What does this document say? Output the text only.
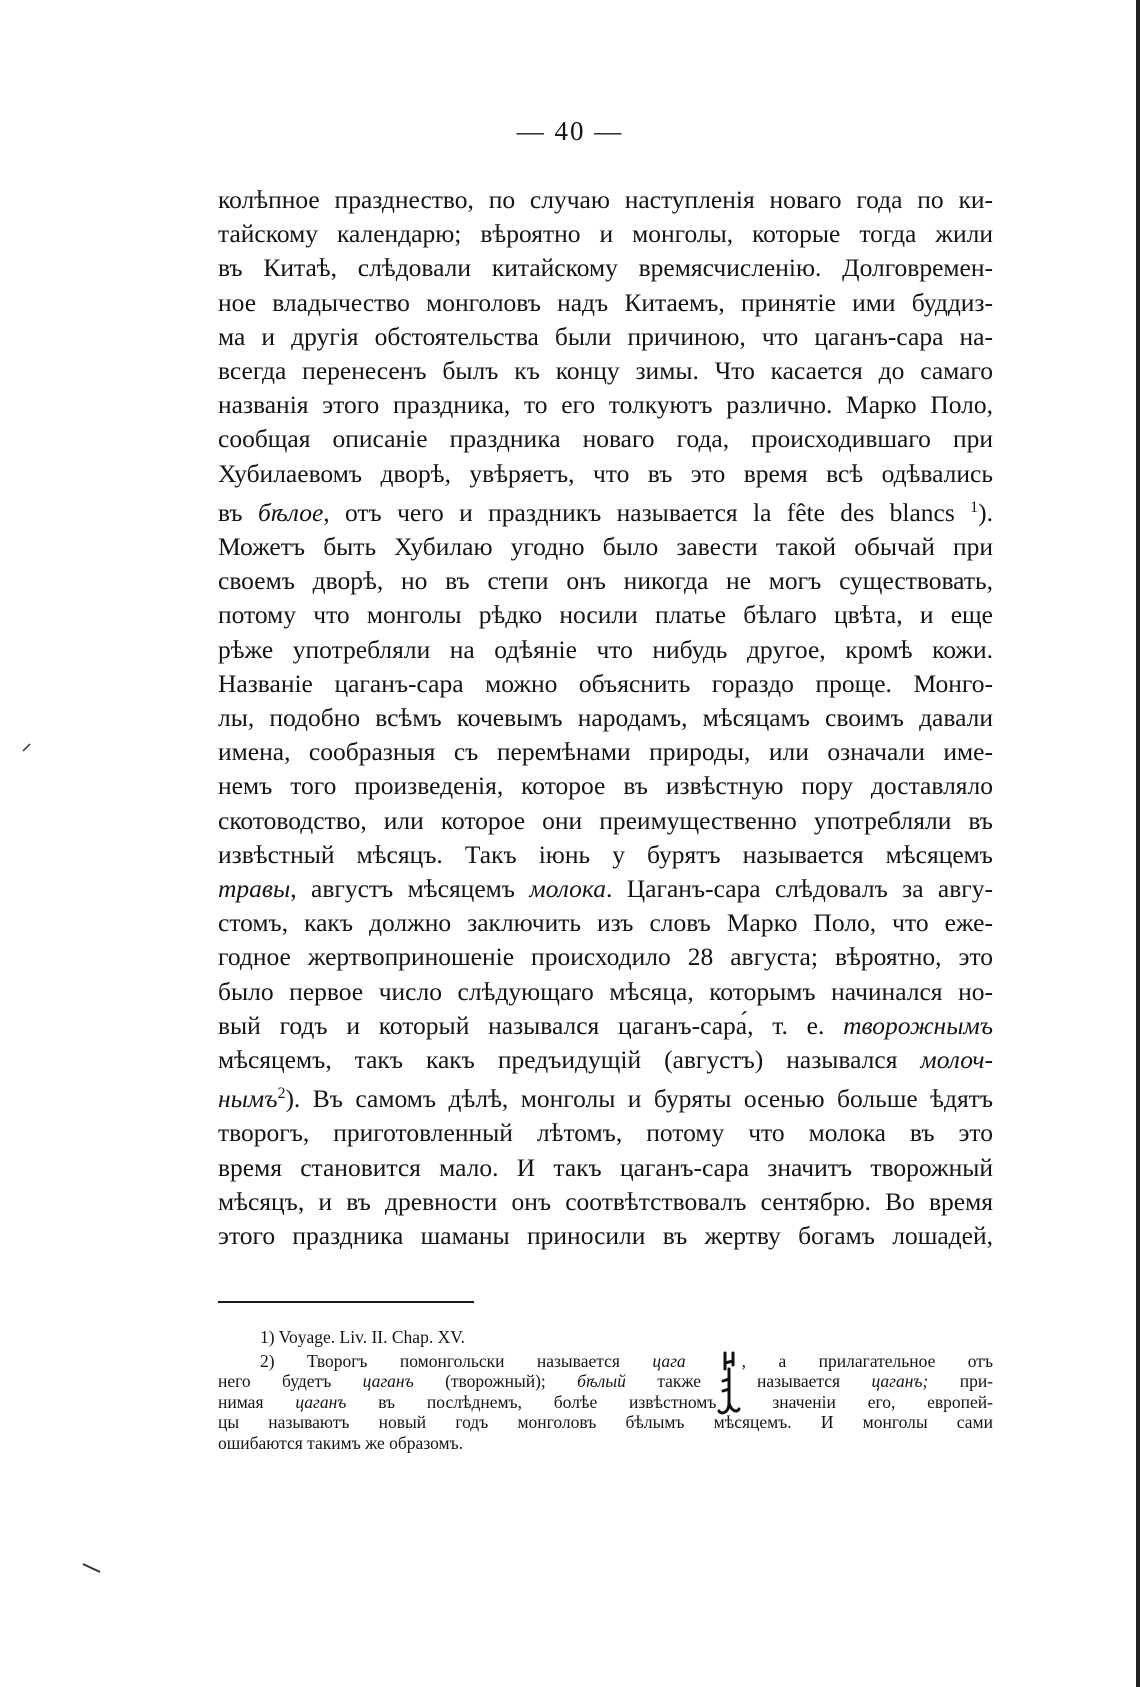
— 40 —
колѣпное празднество, по случаю наступленія новаго года по ки-
тайскому календарю; вѣроятно и монголы, которые тогда жили
въ Китаѣ, слѣдовали китайскому времясчисленію. Долговремен-
ное владычество монголовъ надъ Китаемъ, принятіе ими буддиз-
ма и другія обстоятельства были причиною, что цаганъ-сара на-
всегда перенесенъ былъ къ концу зимы. Что касается до самаго
названія этого праздника, то его толкуютъ различно. Марко Поло,
сообщая описаніе праздника новаго года, происходившаго при
Хубилаевомъ дворѣ, увѣряетъ, что въ это время всѣ одѣвались
въ бѣлое, отъ чего и праздникъ называется la fête des blancs $^1$).
Можетъ быть Хубилаю угодно было завести такой обычай при
своемъ дворѣ, но въ степи онъ никогда не могъ существовать,
потому что монголы рѣдко носили платье бѣлаго цвѣта, и еще
рѣже употребляли на одѣяніе что нибудь другое, кромѣ кожи.
Названіе цаганъ-сара можно объяснить гораздо проще. Монго-
лы, подобно всѣмъ кочевымъ народамъ, мѣсяцамъ своимъ давали
имена, сообразныя съ перемѣнами природы, или означали име-
немъ того произведенія, которое въ извѣстную пору доставляло
скотоводство, или которое они преимущественно употребляли въ
извѣстный мѣсяцъ. Такъ іюнь у бурятъ называется мѣсяцемъ
травы, августъ мѣсяцемъ молока. Цаганъ-сара слѣдовалъ за авгу-
стомъ, какъ должно заключить изъ словъ Марко Поло, что еже-
годное жертвоприношеніе происходило 28 августа; вѣроятно, это
было первое число слѣдующаго мѣсяца, которымъ начинался но-
вый годъ и который назывался цаганъ-сара́, т. е. творожнымъ
мѣсяцемъ, такъ какъ предъидущій (августъ) назывался молоч-
нымъ$^2$). Въ самомъ дѣлѣ, монголы и буряты осенью больше ѣдятъ
творогъ, приготовленный лѣтомъ, потому что молока въ это
время становится мало. И такъ цаганъ-сара значитъ творожный
мѣсяцъ, и въ древности онъ соотвѣтствовалъ сентябрю. Во время
этого праздника шаманы приносили въ жертву богамъ лошадей,
1) Voyage. Liv. II. Chap. XV.
2) Творогъ помонгольски называется цага	, а прилагательное отъ
него будетъ цаганъ (творожный); бѣлый также	называется цаганъ; при-
нимая цаганъ въ послѣднемъ, болѣе извѣстномъ	значеніи его, европей-
цы называютъ новый годъ монголовъ бѣлымъ мѣсяцемъ. И монголы сами
ошибаются такимъ же образомъ.
